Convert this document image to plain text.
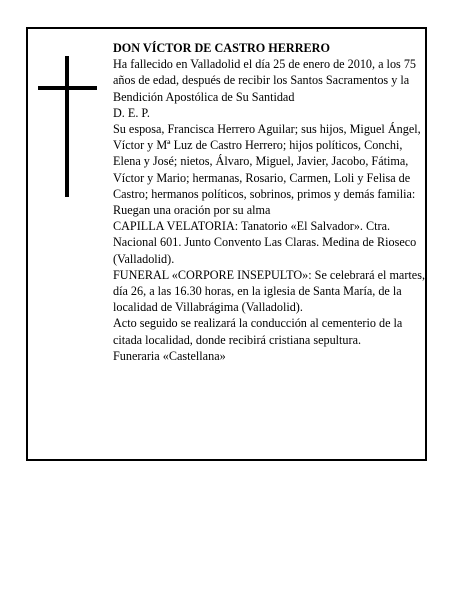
DON VÍCTOR DE CASTRO HERRERO

Ha fallecido en Valladolid el día 25 de enero de 2010, a los 75 años de edad, después de recibir los Santos Sacramentos y la Bendición Apostólica de Su Santidad

D. E. P.

Su esposa, Francisca Herrero Aguilar; sus hijos, Miguel Ángel, Víctor y Mª Luz de Castro Herrero; hijos políticos, Conchi, Elena y José; nietos, Álvaro, Miguel, Javier, Jacobo, Fátima, Víctor y Mario; hermanas, Rosario, Carmen, Loli y Felisa de Castro; hermanos políticos, sobrinos, primos y demás familia:

Ruegan una oración por su alma

CAPILLA VELATORIA: Tanatorio «El Salvador». Ctra. Nacional 601. Junto Convento Las Claras. Medina de Rioseco (Valladolid).

FUNERAL «CORPORE INSEPULTO»: Se celebrará el martes, día 26, a las 16.30 horas, en la iglesia de Santa María, de la localidad de Villabrágima (Valladolid).

Acto seguido se realizará la conducción al cementerio de la citada localidad, donde recibirá cristiana sepultura.

Funeraria «Castellana»
